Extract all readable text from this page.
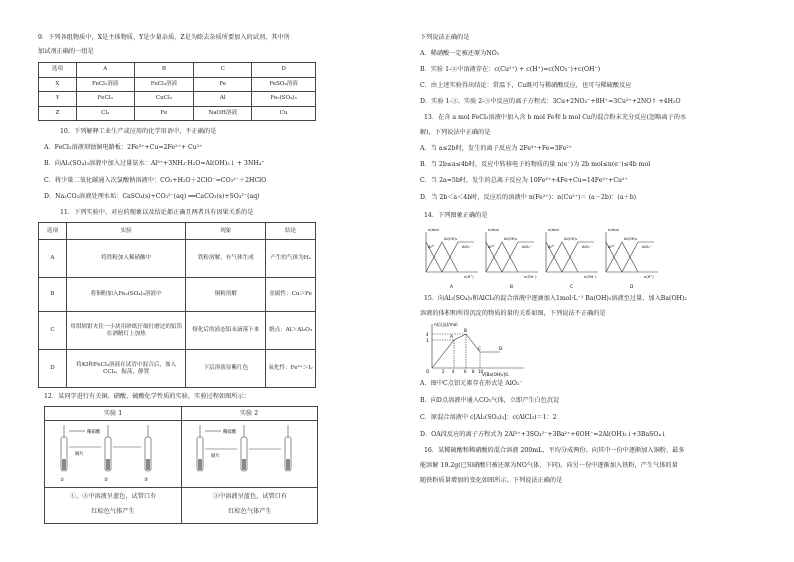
9．下列各组物质中，X是主体物质，Y是少量杂质，Z是为除去杂质所要加入的试剂，其中所
加试剂正确的一组是
选项	A	B	C	D
X	FeCl₂溶液	FeCl₃溶液	Fe	FeSO₄溶液
Y	FeCl₃	CuCl₂	Al	Fe₂(SO₄)₃
Z	Cl₂	Fe	NaOH溶液	Cu
10．下列解释工业生产或应用的化学用语中，不正确的是
A．FeCl₃溶液刻蚀铜电路板：2Fe³⁺+Cu=2Fe²⁺+ Cu²⁺
B．向Al₂(SO₄)₃溶液中加入过量氨水：Al³⁺+3NH₃·H₂O=Al(OH)₃↓ + 3NH₄⁺
C．将少量二氧化碳通入次氯酸钠溶液中：CO₂+H₂O＋2ClO⁻=CO₃²⁻＋2HClO
D．Na₂CO₃溶液处理水垢：CaSO₄(s)+CO₃²⁻(aq) ══CaCO₃(s)+SO₄²⁻(aq)
11．下列实验中，对应的现象以及结论都正确且两者具有因果关系的是
选项	实验	现象	结论
A	将铁粉加入稀硝酸中	铁粉溶解，有气体生成	产生的气体为H₂
B	将铜粉加入Fe₂(SO₄)₃溶液中	铜粉溶解	金属性：Cu＞Fe
C	用坩埚钳夹住一小块用砂纸仔细打磨过的铝箔在酒精灯上加热	熔化后的液态铝未滴落下来	熔点：Al＞Al₂O₃
D	将KI和FeCl₃溶液在试管中混合后，加入CCl₄，振荡，静置	下层溶液显紫红色	氧化性：Fe³⁺＞I₂
12．某同学进行有关铜、硝酸、硫酸化学性质的实验，实验过程如图所示：
实验 1	实验 2
稀硝酸	稀硫酸
铜片	铜片
①	②	③
①、③中溶液呈蓝色，试管口有
红棕色气体产生
③中溶液呈蓝色，试管口有
红棕色气体产生
下列说法正确的是
A．稀硝酸一定被还原为NO₂
B．实验 1-②中溶液存在：c(Cu²⁺) + c(H⁺)=c(NO₃⁻)+c(OH⁻)
C．由上述实验得出结论：常温下，Cu既可与稀硝酸反应，也可与稀硫酸反应
D．实验 1-③、实验 2-③中反应的离子方程式：3Cu+2NO₃⁻+8H⁺=3Cu²⁺+2NO↑ +4H₂O
13．在含 a mol FeCl₃溶液中加入含 b mol Fe和 b mol Cu的混合粉末充分反应(忽略离子的水
解)，下列说法中正确的是
A．当 a≤2b时，发生的离子反应为 2Fe³⁺+Fe=3Fe²⁺
B．当 2b≤a≤4b时，反应中转移电子的物质的量 n(e⁻)为 2b mol≤n(e⁻)≤4b mol
C．当 2a=5b时，发生的总离子反应为 10Fe³⁺+4Fe+Cu=14Fe²⁺+Cu²⁺
D．当 2b＜a＜4b时，反应后的溶液中 n(Fe²⁺)：n(Cu²⁺)＝ (a－2b)：(a＋b)
14．下列图象正确的是
n/mol
n(H⁺)
Al³⁺
Al(OH)₃
AlO₂⁻
A
n/mol
n(OH⁻)
Al³⁺
Al(OH)₃
AlO₂⁻
B
n/mol
n(OH⁻)
Al³⁺
Al(OH)₃
AlO₂⁻
C
n/mol
n(H⁺)
Al³⁺
Al(OH)₃
AlO₂⁻
D
15．向Al₂(SO₄)₃和AlCl₃的混合溶液中逐滴加入1mol·L⁻¹ Ba(OH)₂溶液至过量，加入Ba(OH)₂
溶液的体积和所得沉淀的物质的量的关系如图，下列说法不正确的是
n(沉淀)/mol
V[Ba(OH)₂]/L
O
A
B
C	D
3
4
2 4 6 8 10
A．图中C点铝元素存在形式是 AlO₂⁻
B．向D点溶液中通入CO₂气体，立即产生白色沉淀
C．原混合溶液中 c[Al₂(SO₄)₃]：c(AlCl₃)＝1：2
D．OA段反应的离子方程式为 2Al³⁺+3SO₄²⁻+3Ba²⁺+6OH⁻=2Al(OH)₃↓+3BaSO₄↓
16．某稀硫酸和稀硝酸的混合溶液 200mL，平均分成两份。向其中一份中逐渐加入铜粉，最多
能溶解 19.2g(已知硝酸只被还原为NO气体，下同)。向另一份中逐渐加入铁粉，产生气体的量
随铁粉质量增加的变化如图所示。下列说法正确的是
